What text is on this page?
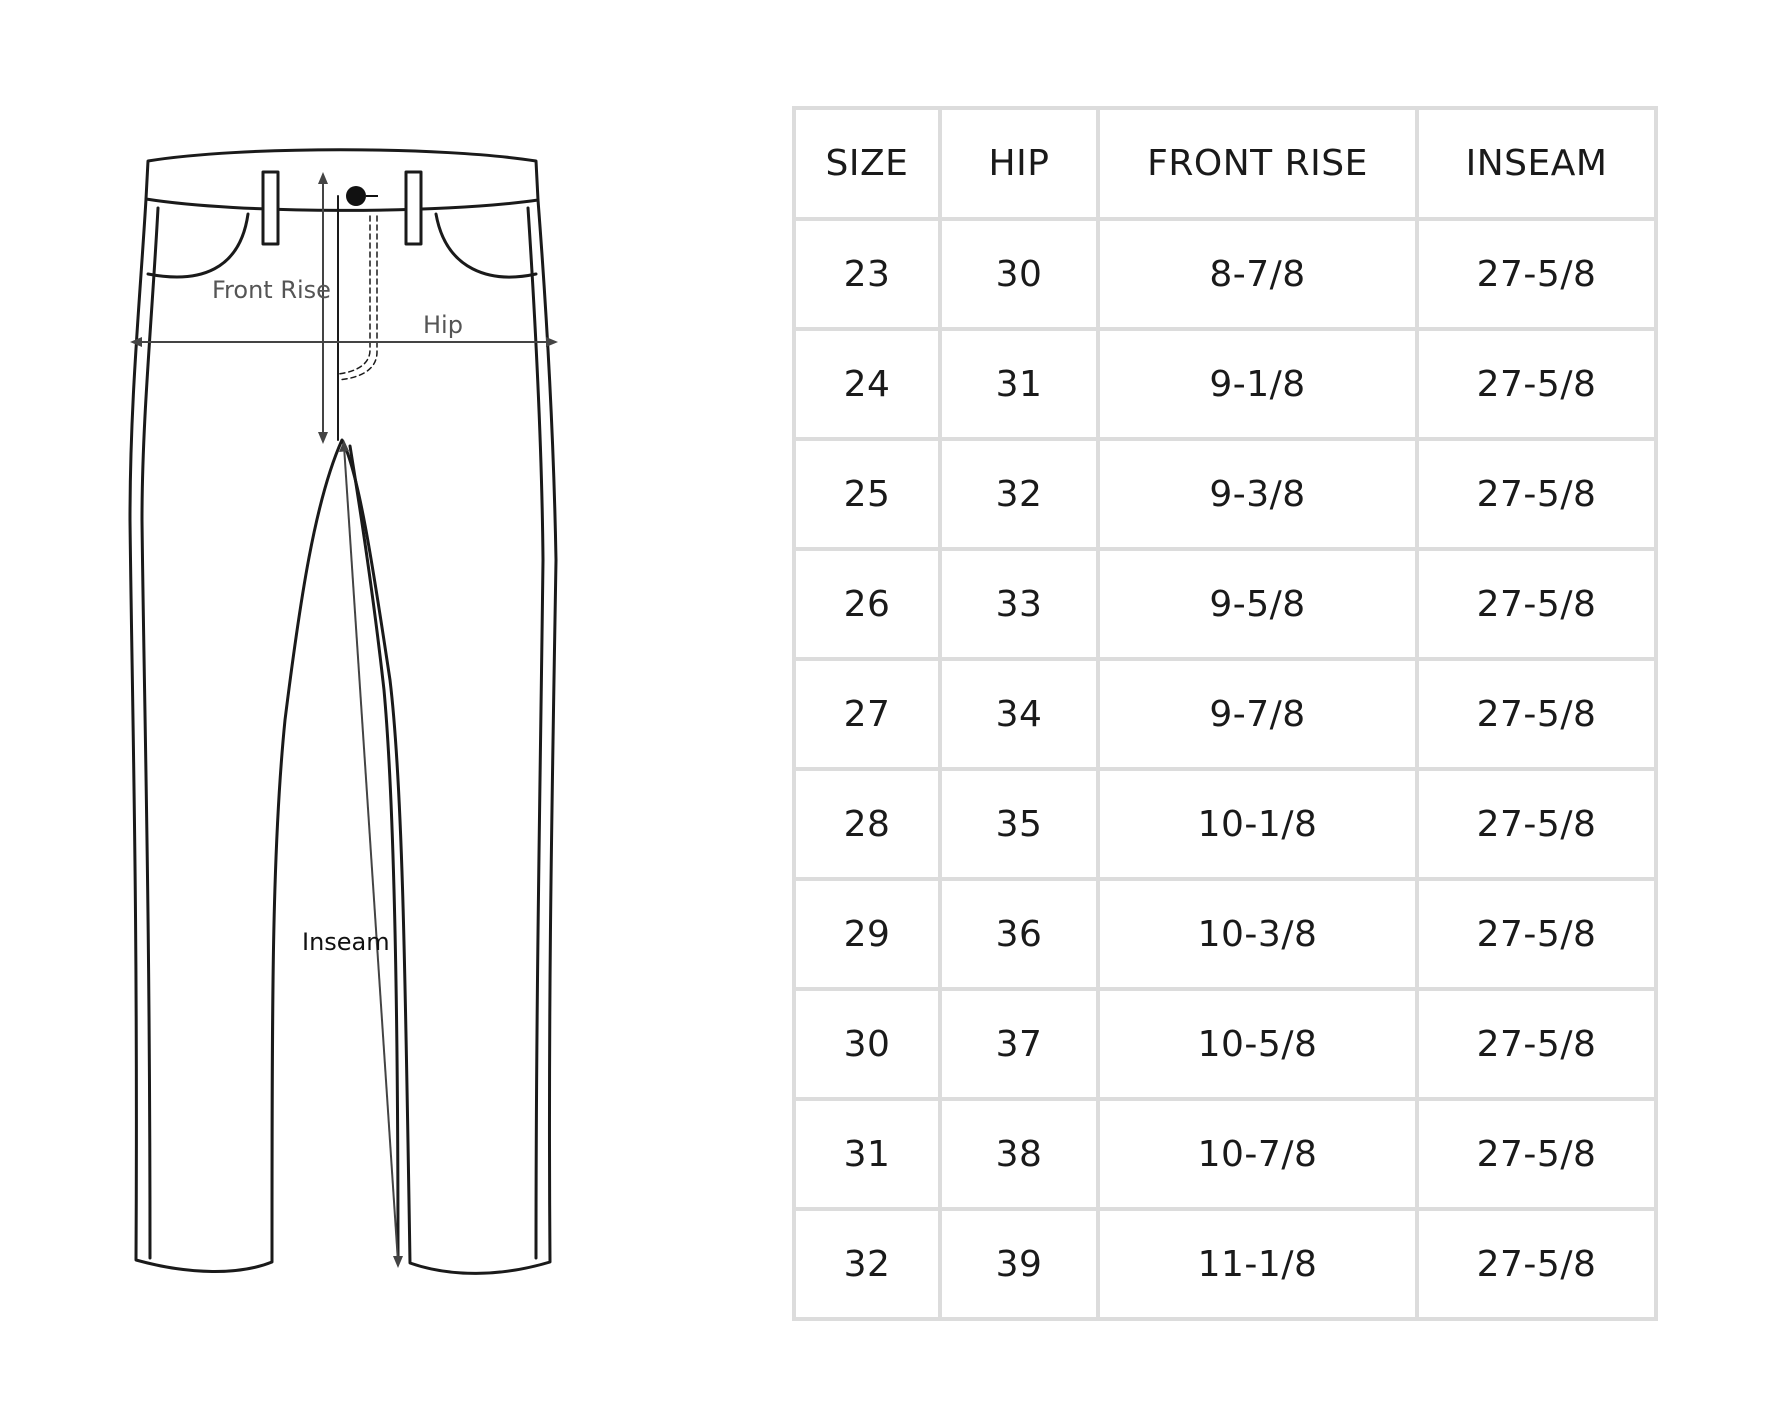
Front Rise
Hip
Inseam
SIZE	HIP	FRONT RISE	INSEAM
23	30	8-7/8	27-5/8
24	31	9-1/8	27-5/8
25	32	9-3/8	27-5/8
26	33	9-5/8	27-5/8
27	34	9-7/8	27-5/8
28	35	10-1/8	27-5/8
29	36	10-3/8	27-5/8
30	37	10-5/8	27-5/8
31	38	10-7/8	27-5/8
32	39	11-1/8	27-5/8
